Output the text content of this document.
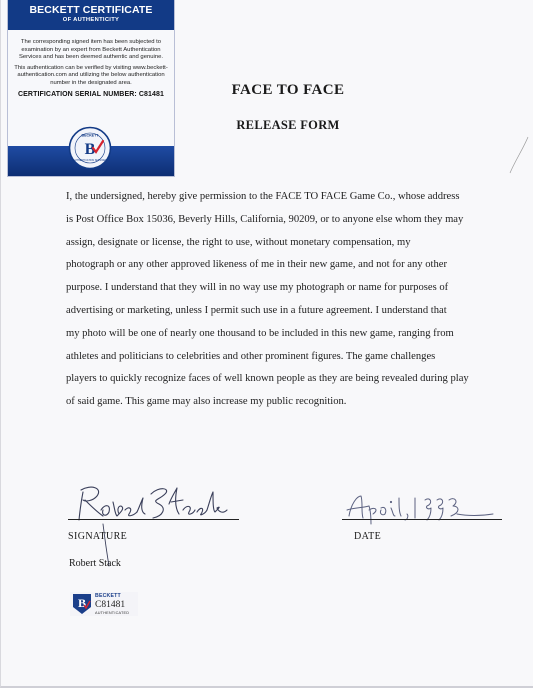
BECKETT CERTIFICATE
OF AUTHENTICITY

The corresponding signed item has been subjected to examination by an expert from Beckett Authentication Services and has been deemed authentic and genuine.

This authentication can be verified by visiting www.beckett-authentication.com and utilizing the below authentication number in the designated area.

CERTIFICATION SERIAL NUMBER: C81481
BECKETT
B
AUTHENTICATION SERVICES
FACE TO FACE
RELEASE FORM
I, the undersigned, hereby give permission to the FACE TO FACE Game Co., whose address
is Post Office Box 15036, Beverly Hills, California, 90209, or to anyone else whom they may
assign, designate or license, the right to use, without monetary compensation, my
photograph or any other approved likeness of me in their new game, and not for any other
purpose. I understand that they will in no way use my photograph or name for purposes of
advertising or marketing, unless I permit such use in a future agreement. I understand that
my photo will be one of nearly one thousand to be included in this new game, ranging from
athletes and politicians to celebrities and other prominent figures. The game challenges
players to quickly recognize faces of well known people as they are being revealed during play
of said game. This game may also increase my public recognition.
SIGNATURE	DATE
Robert Stack
B BECKETT
C81481
AUTHENTICATED
